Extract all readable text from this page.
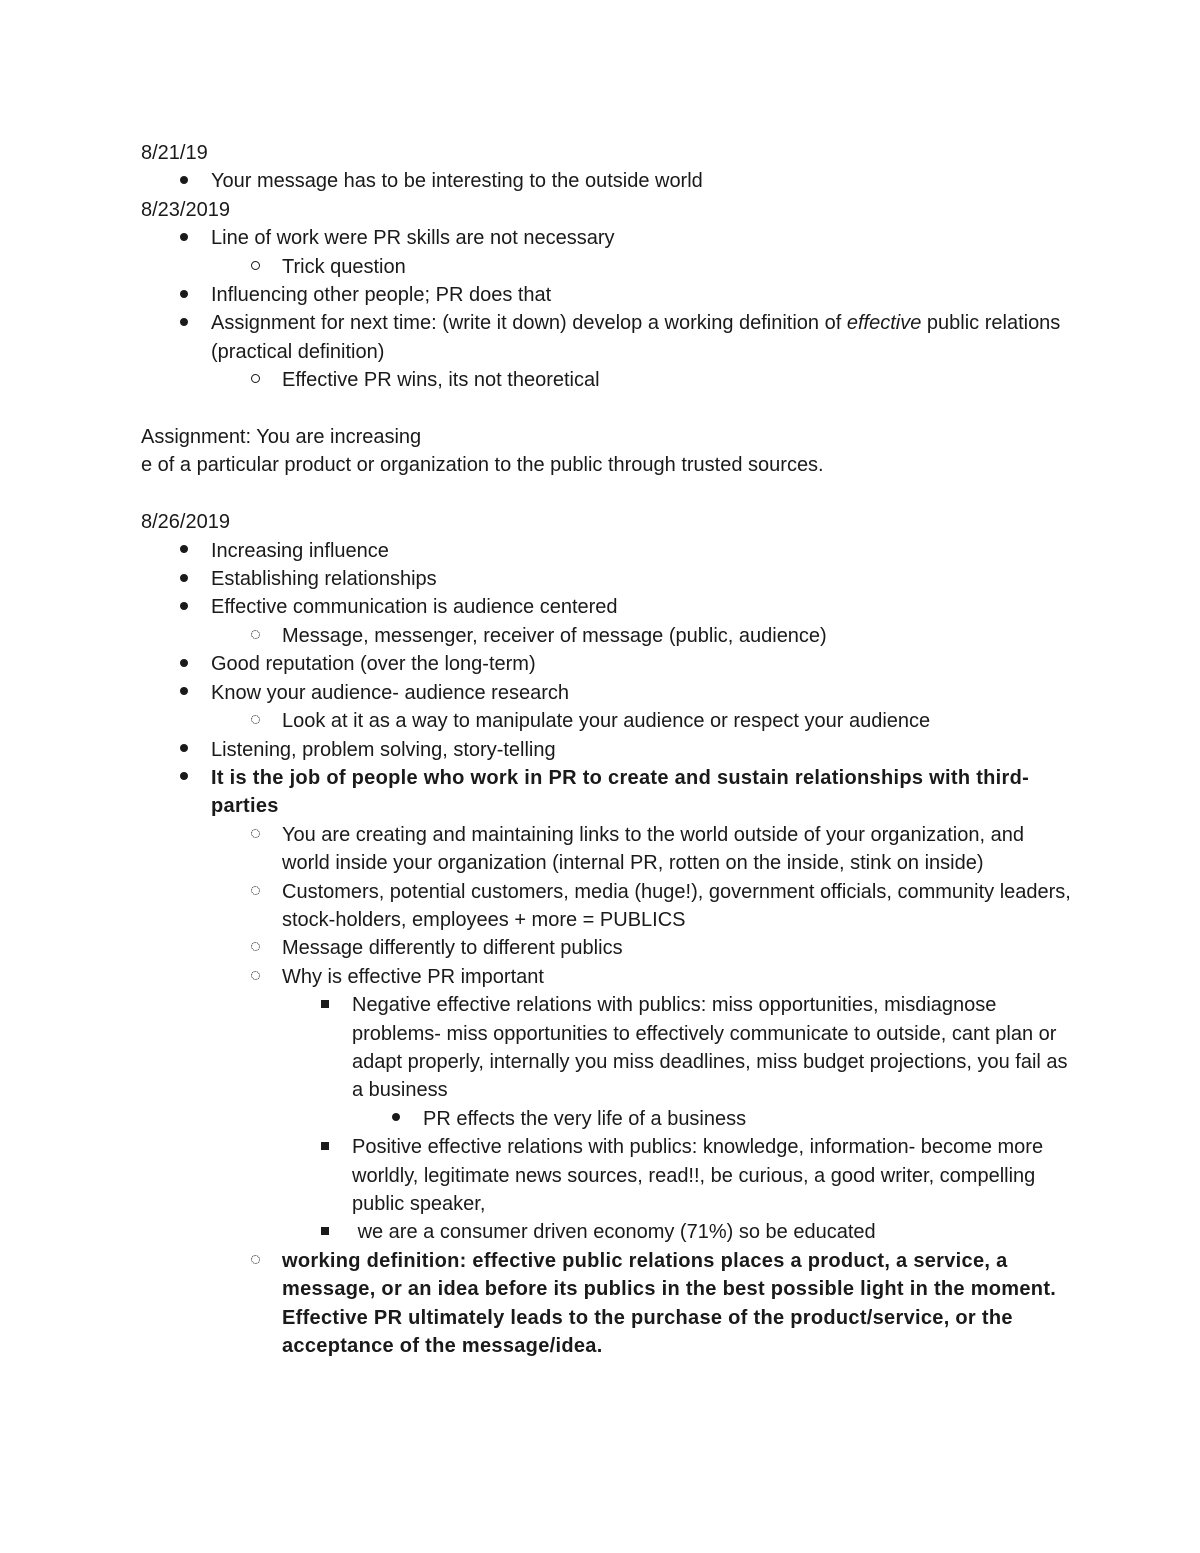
8/21/19

Your message has to be interesting to the outside world

8/23/2019

Line of work were PR skills are not necessary
Trick question
Influencing other people; PR does that
Assignment for next time: (write it down) develop a working definition of effective public relations (practical definition)
Effective PR wins, its not theoretical

Assignment: You are increasing

e of a particular product or organization to the public through trusted sources.

8/26/2019

Increasing influence
Establishing relationships
Effective communication is audience centered
Message, messenger, receiver of message (public, audience)
Good reputation (over the long-term)
Know your audience- audience research
Look at it as a way to manipulate your audience or respect your audience
Listening, problem solving, story-telling
It is the job of people who work in PR to create and sustain relationships with third-parties
You are creating and maintaining links to the world outside of your organization, and world inside your organization (internal PR, rotten on the inside, stink on inside)
Customers, potential customers, media (huge!), government officials, community leaders, stock-holders, employees + more = PUBLICS
Message differently to different publics
Why is effective PR important
Negative effective relations with publics: miss opportunities, misdiagnose problems- miss opportunities to effectively communicate to outside, cant plan or adapt properly, internally you miss deadlines, miss budget projections, you fail as a business
PR effects the very life of a business
Positive effective relations with publics: knowledge, information- become more worldly, legitimate news sources, read!!, be curious, a good writer, compelling public speaker,
we are a consumer driven economy (71%) so be educated
working definition: effective public relations places a product, a service, a message, or an idea before its publics in the best possible light in the moment. Effective PR ultimately leads to the purchase of the product/service, or the acceptance of the message/idea.
